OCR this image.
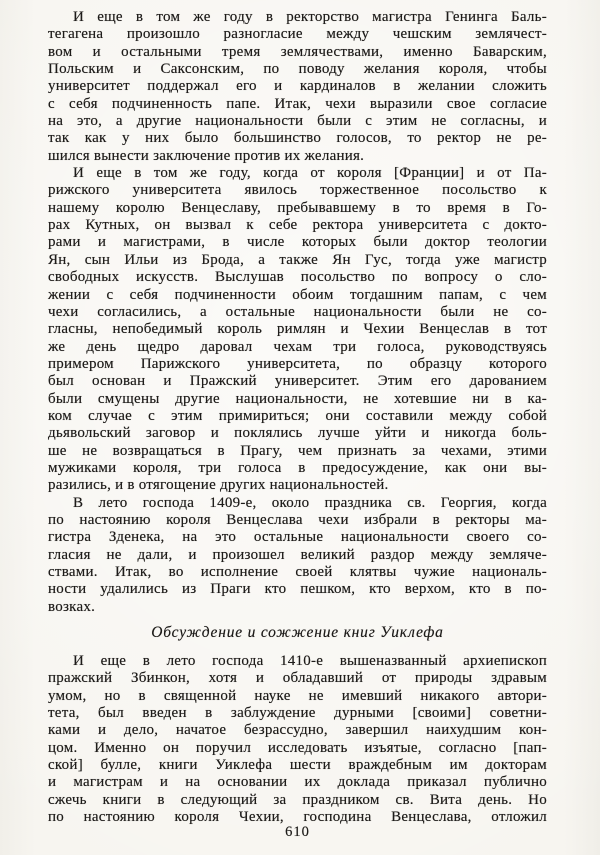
И еще в том же году в ректорство магистра Генинга Баль-
тегагена произошло разногласие между чешским землячест-
вом и остальными тремя землячествами, именно Баварским,
Польским и Саксонским, по поводу желания короля, чтобы
университет поддержал его и кардиналов в желании сложить
с себя подчиненность папе. Итак, чехи выразили свое согласие
на это, а другие национальности были с этим не согласны, и
так как у них было большинство голосов, то ректор не ре-
шился вынести заключение против их желания.

И еще в том же году, когда от короля [Франции] и от Па-
рижского университета явилось торжественное посольство к
нашему королю Венцеславу, пребывавшему в то время в Го-
рах Кутных, он вызвал к себе ректора университета с докто-
рами и магистрами, в числе которых были доктор теологии
Ян, сын Ильи из Брода, а также Ян Гус, тогда уже магистр
свободных искусств. Выслушав посольство по вопросу о сло-
жении с себя подчиненности обоим тогдашним папам, с чем
чехи согласились, а остальные национальности были не со-
гласны, непобедимый король римлян и Чехии Венцеслав в тот
же день щедро даровал чехам три голоса, руководствуясь
примером Парижского университета, по образцу которого
был основан и Пражский университет. Этим его дарованием
были смущены другие национальности, не хотевшие ни в ка-
ком случае с этим примириться; они составили между собой
дьявольский заговор и поклялись лучше уйти и никогда боль-
ше не возвращаться в Прагу, чем признать за чехами, этими
мужиками короля, три голоса в предосуждение, как они вы-
разились, и в отягощение других национальностей.

В лето господа 1409-е, около праздника св. Георгия, когда
по настоянию короля Венцеслава чехи избрали в ректоры ма-
гистра Зденека, на это остальные национальности своего со-
гласия не дали, и произошел великий раздор между земляче-
ствами. Итак, во исполнение своей клятвы чужие националь-
ности удалились из Праги кто пешком, кто верхом, кто в по-
возках.

Обсуждение и сожжение книг Уиклефа

И еще в лето господа 1410-е вышеназванный архиепископ
пражский Збинкон, хотя и обладавший от природы здравым
умом, но в священной науке не имевший никакого автори-
тета, был введен в заблуждение дурными [своими] советни-
ками и дело, начатое безрассудно, завершил наихудшим кон-
цом. Именно он поручил исследовать изъятые, согласно [пап-
ской] булле, книги Уиклефа шести враждебным им докторам
и магистрам и на основании их доклада приказал публично
сжечь книги в следующий за праздником св. Вита день. Но
по настоянию короля Чехии, господина Венцеслава, отложил

610
